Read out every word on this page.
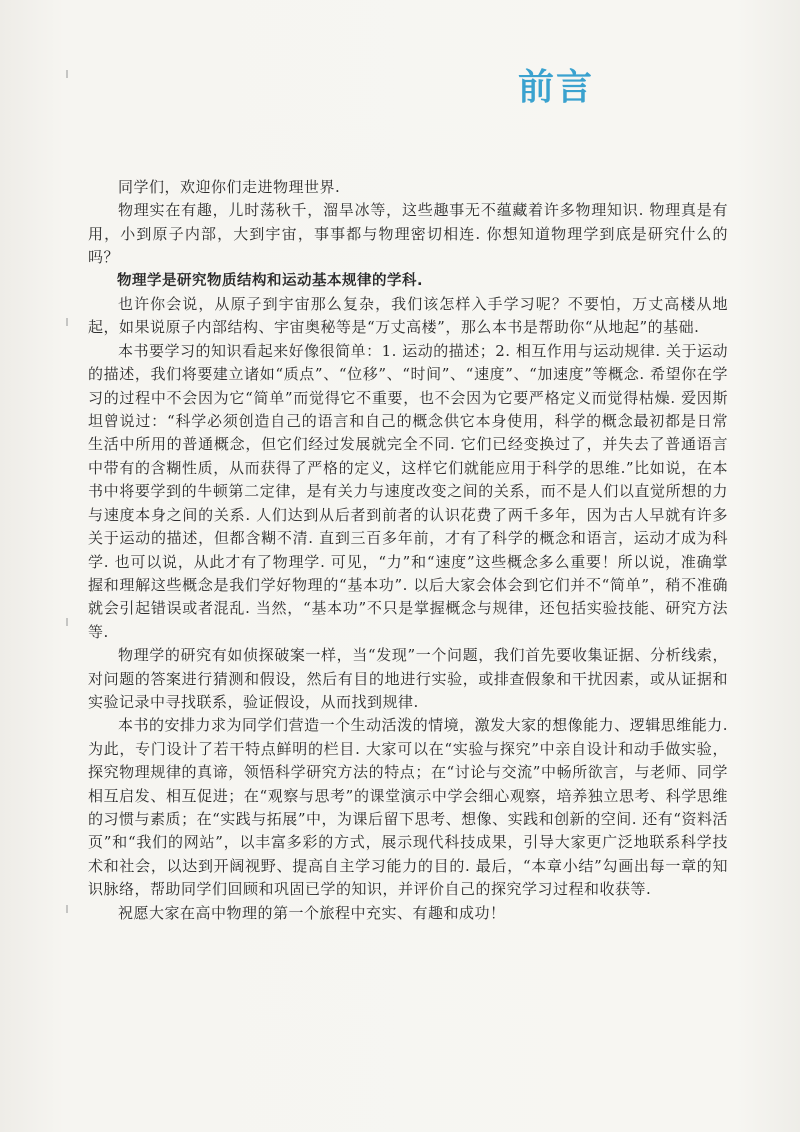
前言

同学们，欢迎你们走进物理世界.

物理实在有趣，儿时荡秋千，溜旱冰等，这些趣事无不蕴藏着许多物理知识. 物理真是有用，小到原子内部，大到宇宙，事事都与物理密切相连. 你想知道物理学到底是研究什么的吗？

物理学是研究物质结构和运动基本规律的学科.

也许你会说，从原子到宇宙那么复杂，我们该怎样入手学习呢？不要怕，万丈高楼从地起，如果说原子内部结构、宇宙奥秘等是“万丈高楼”，那么本书是帮助你“从地起”的基础.

本书要学习的知识看起来好像很简单：1. 运动的描述；2. 相互作用与运动规律. 关于运动的描述，我们将要建立诸如“质点”、“位移”、“时间”、“速度”、“加速度”等概念. 希望你在学习的过程中不会因为它“简单”而觉得它不重要，也不会因为它要严格定义而觉得枯燥. 爱因斯坦曾说过：“科学必须创造自己的语言和自己的概念供它本身使用，科学的概念最初都是日常生活中所用的普通概念，但它们经过发展就完全不同. 它们已经变换过了，并失去了普通语言中带有的含糊性质，从而获得了严格的定义，这样它们就能应用于科学的思维.”比如说，在本书中将要学到的牛顿第二定律，是有关力与速度改变之间的关系，而不是人们以直觉所想的力与速度本身之间的关系. 人们达到从后者到前者的认识花费了两千多年，因为古人早就有许多关于运动的描述，但都含糊不清. 直到三百多年前，才有了科学的概念和语言，运动才成为科学. 也可以说，从此才有了物理学. 可见，“力”和“速度”这些概念多么重要！所以说，准确掌握和理解这些概念是我们学好物理的“基本功”. 以后大家会体会到它们并不“简单”，稍不准确就会引起错误或者混乱. 当然，“基本功”不只是掌握概念与规律，还包括实验技能、研究方法等.

物理学的研究有如侦探破案一样，当“发现”一个问题，我们首先要收集证据、分析线索，对问题的答案进行猜测和假设，然后有目的地进行实验，或排查假象和干扰因素，或从证据和实验记录中寻找联系，验证假设，从而找到规律.

本书的安排力求为同学们营造一个生动活泼的情境，激发大家的想像能力、逻辑思维能力. 为此，专门设计了若干特点鲜明的栏目. 大家可以在“实验与探究”中亲自设计和动手做实验，探究物理规律的真谛，领悟科学研究方法的特点；在“讨论与交流”中畅所欲言，与老师、同学相互启发、相互促进；在“观察与思考”的课堂演示中学会细心观察，培养独立思考、科学思维的习惯与素质；在“实践与拓展”中，为课后留下思考、想像、实践和创新的空间. 还有“资料活页”和“我们的网站”，以丰富多彩的方式，展示现代科技成果，引导大家更广泛地联系科学技术和社会，以达到开阔视野、提高自主学习能力的目的. 最后，“本章小结”勾画出每一章的知识脉络，帮助同学们回顾和巩固已学的知识，并评价自己的探究学习过程和收获等.

祝愿大家在高中物理的第一个旅程中充实、有趣和成功！
